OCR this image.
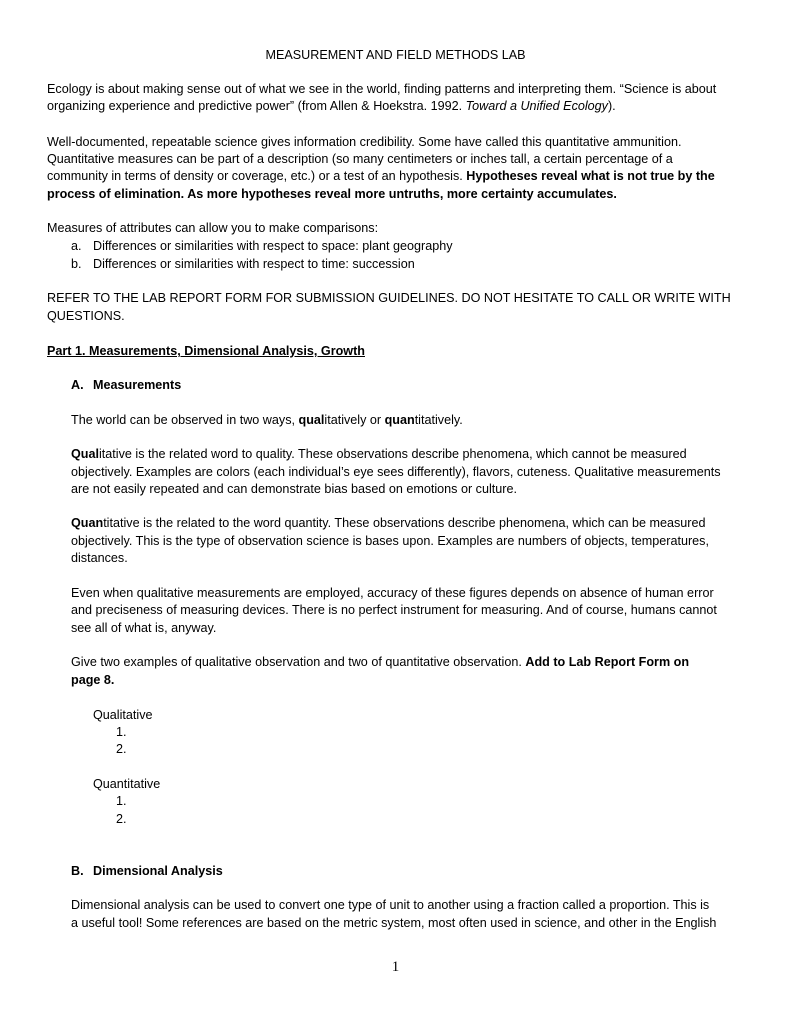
MEASUREMENT AND FIELD METHODS LAB
Ecology is about making sense out of what we see in the world, finding patterns and interpreting them. “Science is about
organizing experience and predictive power” (from Allen & Hoekstra. 1992. Toward a Unified Ecology).
Well-documented, repeatable science gives information credibility. Some have called this quantitative ammunition.
Quantitative measures can be part of a description (so many centimeters or inches tall, a certain percentage of a
community in terms of density or coverage, etc.) or a test of an hypothesis. Hypotheses reveal what is not true by the
process of elimination. As more hypotheses reveal more untruths, more certainty accumulates.
Measures of attributes can allow you to make comparisons:
a. Differences or similarities with respect to space: plant geography
b. Differences or similarities with respect to time: succession
REFER TO THE LAB REPORT FORM FOR SUBMISSION GUIDELINES. DO NOT HESITATE TO CALL OR WRITE WITH
QUESTIONS.
Part 1. Measurements, Dimensional Analysis, Growth
A. Measurements
The world can be observed in two ways, qualitatively or quantitatively.
Qualitative is the related word to quality. These observations describe phenomena, which cannot be measured
objectively. Examples are colors (each individual’s eye sees differently), flavors, cuteness. Qualitative measurements
are not easily repeated and can demonstrate bias based on emotions or culture.
Quantitative is the related to the word quantity. These observations describe phenomena, which can be measured
objectively. This is the type of observation science is bases upon. Examples are numbers of objects, temperatures,
distances.
Even when qualitative measurements are employed, accuracy of these figures depends on absence of human error
and preciseness of measuring devices. There is no perfect instrument for measuring. And of course, humans cannot
see all of what is, anyway.
Give two examples of qualitative observation and two of quantitative observation. Add to Lab Report Form on
page 8.
Qualitative
1.
2.
Quantitative
1.
2.
B. Dimensional Analysis
Dimensional analysis can be used to convert one type of unit to another using a fraction called a proportion. This is
a useful tool! Some references are based on the metric system, most often used in science, and other in the English
1
